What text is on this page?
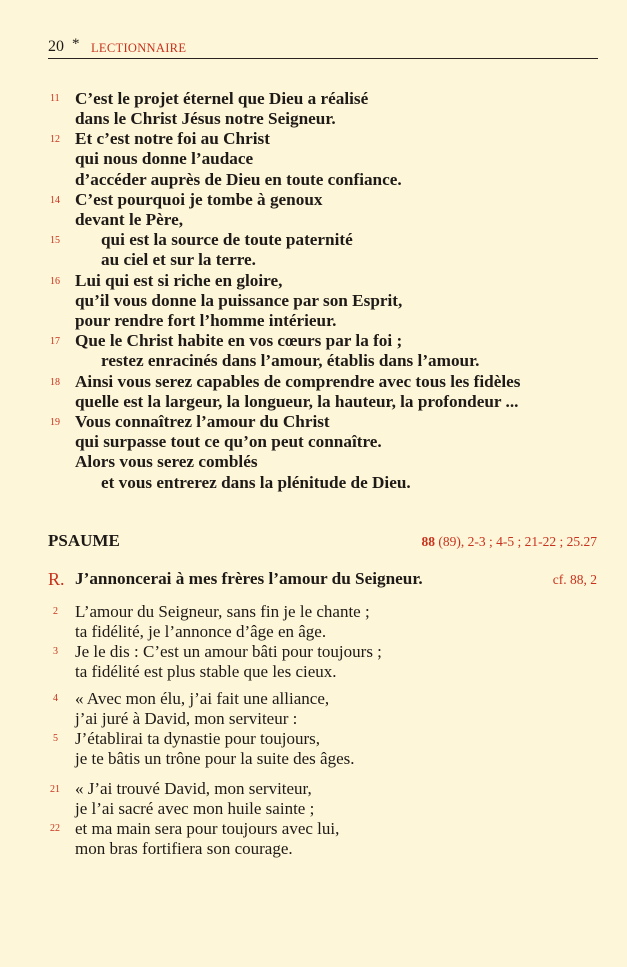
20 * LECTIONNAIRE
11
12
14
15
16
17
18
19
C’est le projet éternel que Dieu a réalisé
dans le Christ Jésus notre Seigneur.
Et c’est notre foi au Christ
qui nous donne l’audace
d’accéder auprès de Dieu en toute confiance.
C’est pourquoi je tombe à genoux
devant le Père,
qui est la source de toute paternité
au ciel et sur la terre.
Lui qui est si riche en gloire,
qu’il vous donne la puissance par son Esprit,
pour rendre fort l’homme intérieur.
Que le Christ habite en vos cœurs par la foi ;
restez enracinés dans l’amour, établis dans l’amour.
Ainsi vous serez capables de comprendre avec tous les fidèles
quelle est la largeur, la longueur, la hauteur, la profondeur ...
Vous connaîtrez l’amour du Christ
qui surpasse tout ce qu’on peut connaître.
Alors vous serez comblés
et vous entrerez dans la plénitude de Dieu.
PSAUME	88 (89), 2-3 ; 4-5 ; 21-22 ; 25.27
R. J’annoncerai à mes frères l’amour du Seigneur.	cf. 88, 2
2
3
4
5
21
22
L’amour du Seigneur, sans fin je le chante ;
ta fidélité, je l’annonce d’âge en âge.
Je le dis : C’est un amour bâti pour toujours ;
ta fidélité est plus stable que les cieux.
« Avec mon élu, j’ai fait une alliance,
j’ai juré à David, mon serviteur :
J’établirai ta dynastie pour toujours,
je te bâtis un trône pour la suite des âges.
« J’ai trouvé David, mon serviteur,
je l’ai sacré avec mon huile sainte ;
et ma main sera pour toujours avec lui,
mon bras fortifiera son courage.
